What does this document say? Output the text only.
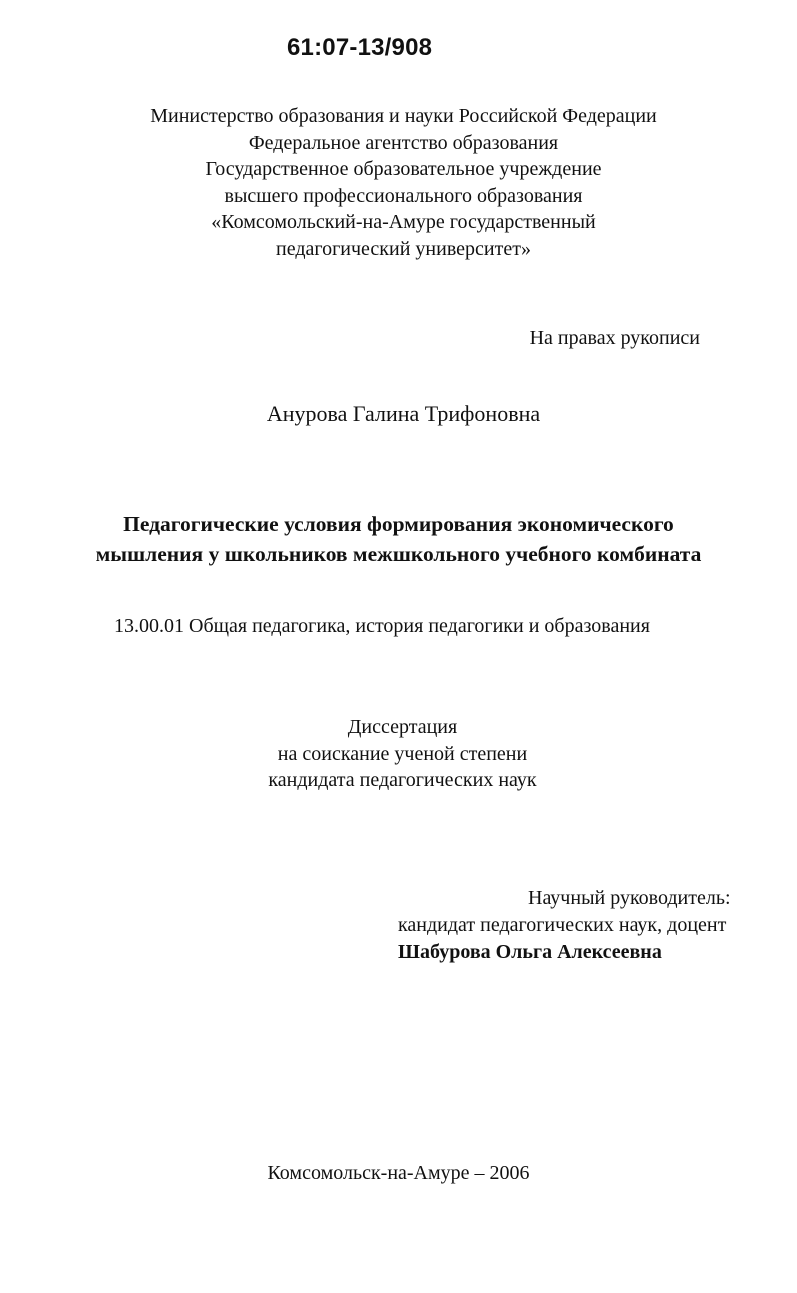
61:07-13/908
Министерство образования и науки Российской Федерации
Федеральное агентство образования
Государственное образовательное учреждение
высшего профессионального образования
«Комсомольский-на-Амуре государственный
педагогический университет»
На правах рукописи
Анурова Галина Трифоновна
Педагогические условия формирования экономического
мышления у школьников межшкольного учебного комбината
13.00.01 Общая педагогика, история педагогики и образования
Диссертация
на соискание ученой степени
кандидата педагогических наук
Научный руководитель:
кандидат педагогических наук, доцент
Шабурова Ольга Алексеевна
Комсомольск-на-Амуре – 2006
